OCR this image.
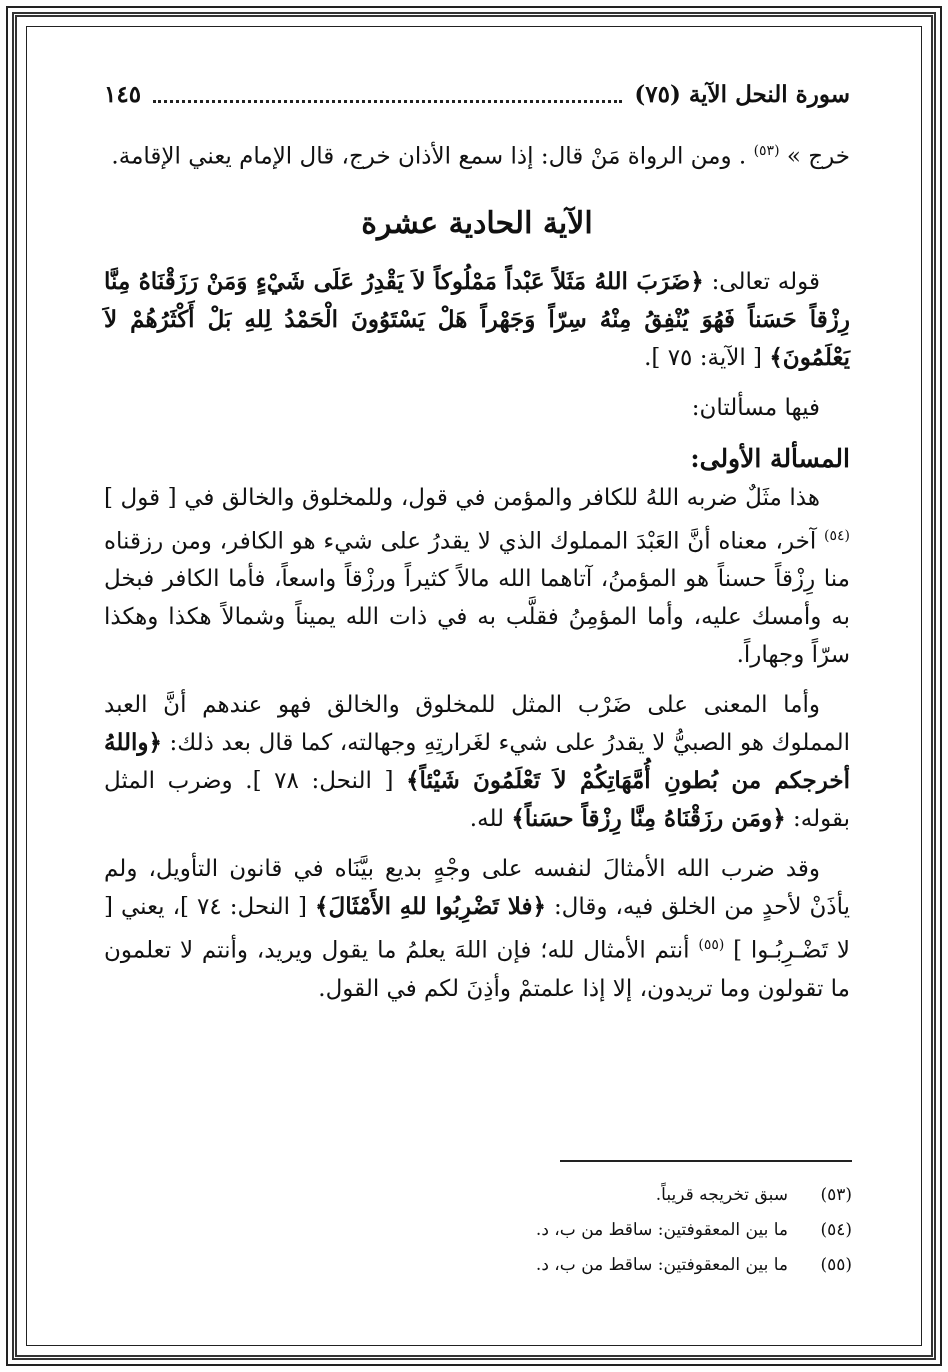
سورة النحل الآية (٧٥)
١٤٥

خرج » $^{(٥٣)}$ . ومن الرواة مَنْ قال: إذا سمع الأذان خرج، قال الإمام يعني الإقامة.

الآية الحادية عشرة

قوله تعالى: ﴿ضَرَبَ اللهُ مَثَلاً عَبْداً مَمْلُوكاً لاَ يَقْدِرُ عَلَى شَيْءٍ وَمَنْ رَزَقْنَاهُ مِنَّا رِزْقاً حَسَناً فَهُوَ يُنْفِقُ مِنْهُ سِرّاً وَجَهْراً هَلْ يَسْتَوُونَ الْحَمْدُ لِلهِ بَلْ أَكْثَرُهُمْ لاَ يَعْلَمُونَ﴾ [ الآية: ٧٥ ].

فيها مسألتان:

المسألة الأولى:

هذا مثَلٌ ضربه اللهُ للكافر والمؤمن في قول، وللمخلوق والخالق في [ قول ] $^{(٥٤)}$ آخر، معناه أنَّ العَبْدَ المملوك الذي لا يقدرُ على شيء هو الكافر، ومن رزقناه منا رِزْقاً حسناً هو المؤمنُ، آتاهما الله مالاً كثيراً ورزْقاً واسعاً، فأما الكافر فبخل به وأمسك عليه، وأما المؤمِنُ فقلَّب به في ذات الله يميناً وشمالاً هكذا وهكذا سرّاً وجهاراً.

وأما المعنى على ضَرْب المثل للمخلوق والخالق فهو عندهم أنَّ العبد المملوك هو الصبيُّ لا يقدرُ على شيء لغَرارتِهِ وجهالته، كما قال بعد ذلك: ﴿واللهُ أخرجكم من بُطونِ أُمَّهَاتِكُمْ لاَ تَعْلَمُونَ شَيْئاً﴾ [ النحل: ٧٨ ]. وضرب المثل بقوله: ﴿ومَن رزَقْنَاهُ مِنَّا رِزْقاً حسَناً﴾ لله.

وقد ضرب الله الأمثالَ لنفسه على وجْهٍ بديع بيَّنَاه في قانون التأويل، ولم يأذَنْ لأحدٍ من الخلق فيه، وقال: ﴿فلا تَضْرِبُوا للهِ الأَمْثَالَ﴾ [ النحل: ٧٤ ]، يعني [ لا تَضْـرِبُـوا ] $^{(٥٥)}$ أنتم الأمثال لله؛ فإن اللهَ يعلمُ ما يقول ويريد، وأنتم لا تعلمون ما تقولون وما تريدون، إلا إذا علمتمْ وأذِنَ لكم في القول.

(٥٣)
سبق تخريجه قريباً.
(٥٤)
ما بين المعقوفتين: ساقط من ب، د.
(٥٥)
ما بين المعقوفتين: ساقط من ب، د.
